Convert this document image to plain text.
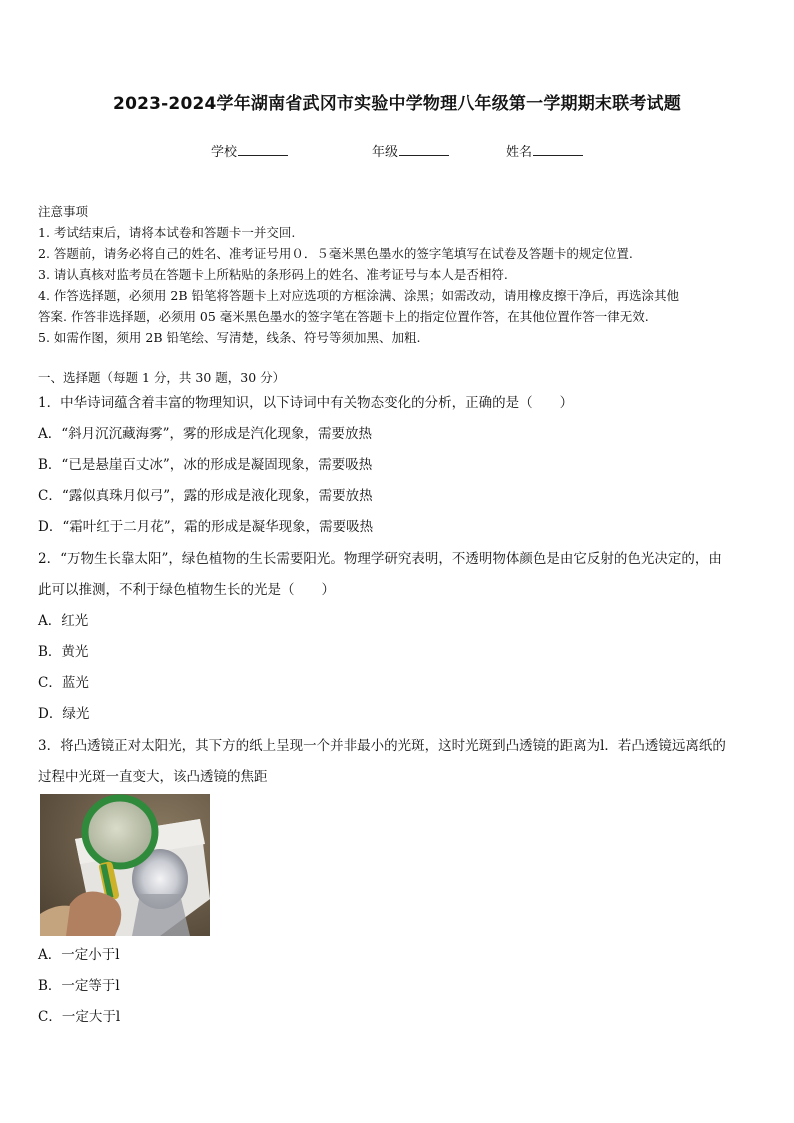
2023-2024学年湖南省武冈市实验中学物理八年级第一学期期末联考试题
学校	年级	姓名

注意事项

1. 考试结束后，请将本试卷和答题卡一并交回.

2. 答题前，请务必将自己的姓名、准考证号用０．５毫米黑色墨水的签字笔填写在试卷及答题卡的规定位置.

3. 请认真核对监考员在答题卡上所粘贴的条形码上的姓名、准考证号与本人是否相符.

4. 作答选择题，必须用 2B 铅笔将答题卡上对应选项的方框涂满、涂黑；如需改动，请用橡皮擦干净后，再选涂其他

答案. 作答非选择题，必须用 05 毫米黑色墨水的签字笔在答题卡上的指定位置作答，在其他位置作答一律无效.

5. 如需作图，须用 2B 铅笔绘、写清楚，线条、符号等须加黑、加粗.

一、选择题（每题 1 分，共 30 题，30 分）

1．中华诗词蕴含着丰富的物理知识，以下诗词中有关物态变化的分析，正确的是（　　）

A．“斜月沉沉藏海雾”，雾的形成是汽化现象，需要放热

B．“已是悬崖百丈冰”，冰的形成是凝固现象，需要吸热

C．“露似真珠月似弓”，露的形成是液化现象，需要放热

D．“霜叶红于二月花”，霜的形成是凝华现象，需要吸热

2．“万物生长靠太阳”，绿色植物的生长需要阳光。物理学研究表明，不透明物体颜色是由它反射的色光决定的，由

此可以推测，不利于绿色植物生长的光是（　　）

A．红光

B．黄光

C．蓝光

D．绿光

3．将凸透镜正对太阳光，其下方的纸上呈现一个并非最小的光斑，这时光斑到凸透镜的距离为l．若凸透镜远离纸的

过程中光斑一直变大，该凸透镜的焦距

A．一定小于l

B．一定等于l

C．一定大于l
